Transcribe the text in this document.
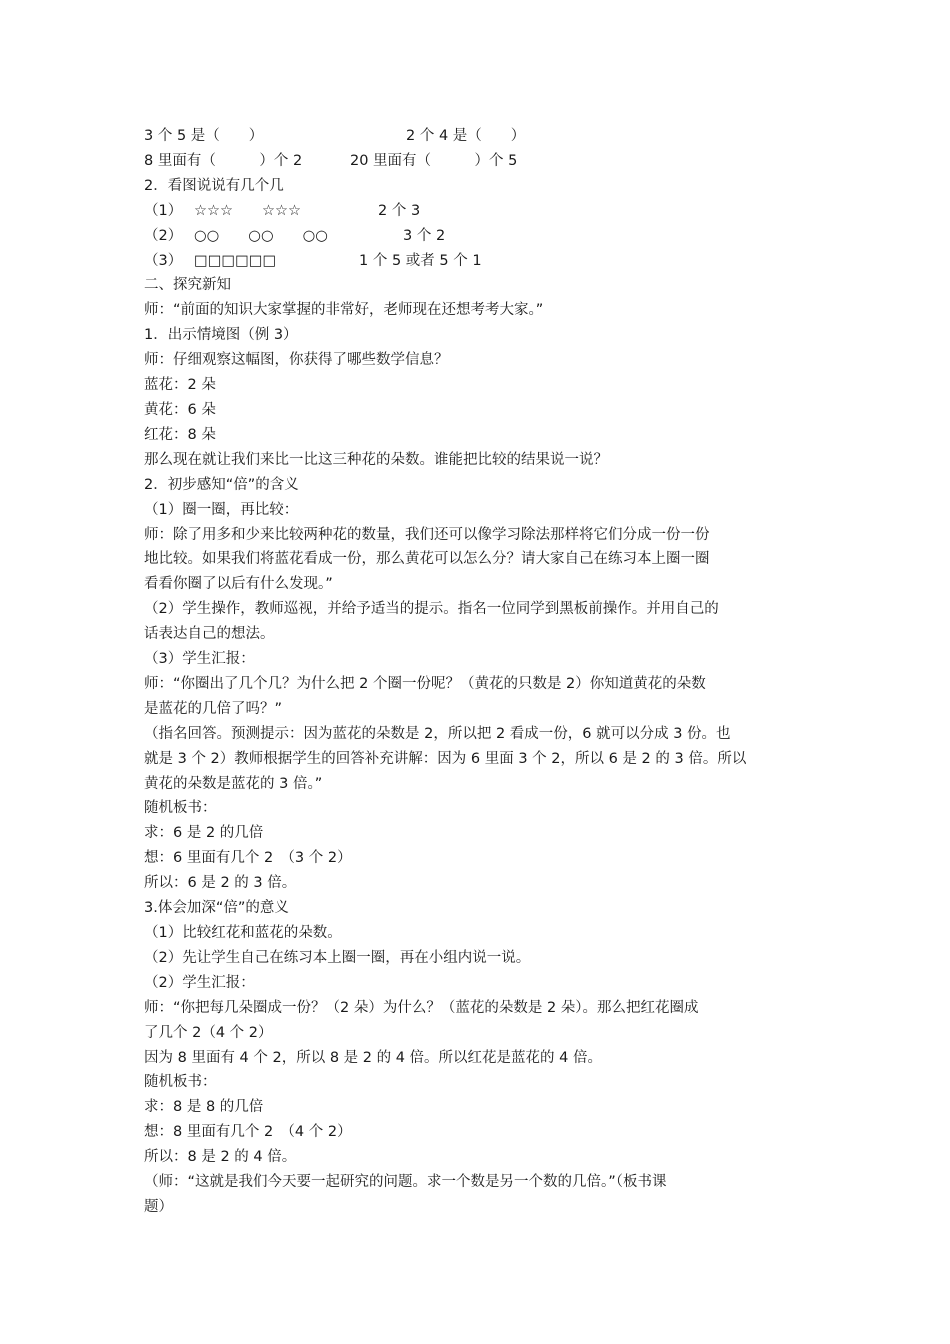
3 个 5 是（　　）	2 个 4 是（　　）
8 里面有（　　　）个 2	20 里面有（　　　）个 5
2．看图说说有几个几
（1） ☆☆☆　　☆☆☆	2 个 3
（2） ○○　　○○　　○○	3 个 2
（3） □□□□□□	1 个 5 或者 5 个 1
二、探究新知
师：“前面的知识大家掌握的非常好，老师现在还想考考大家。”
1．出示情境图（例 3）
师：仔细观察这幅图，你获得了哪些数学信息？
蓝花：2 朵
黄花：6 朵
红花：8 朵
那么现在就让我们来比一比这三种花的朵数。谁能把比较的结果说一说？
2．初步感知“倍”的含义
（1）圈一圈，再比较：
师：除了用多和少来比较两种花的数量，我们还可以像学习除法那样将它们分成一份一份
地比较。如果我们将蓝花看成一份，那么黄花可以怎么分？请大家自己在练习本上圈一圈
看看你圈了以后有什么发现。”
（2）学生操作，教师巡视，并给予适当的提示。指名一位同学到黑板前操作。并用自己的
话表达自己的想法。
（3）学生汇报：
师：“你圈出了几个几？为什么把 2 个圈一份呢？（黄花的只数是 2）你知道黄花的朵数
是蓝花的几倍了吗？”
（指名回答。预测提示：因为蓝花的朵数是 2，所以把 2 看成一份，6 就可以分成 3 份。也
就是 3 个 2）教师根据学生的回答补充讲解：因为 6 里面 3 个 2，所以 6 是 2 的 3 倍。所以
黄花的朵数是蓝花的 3 倍。”
随机板书：
求：6 是 2 的几倍
想：6 里面有几个 2　（3 个 2）
所以：6 是 2 的 3 倍。
3.体会加深“倍”的意义
（1）比较红花和蓝花的朵数。
（2）先让学生自己在练习本上圈一圈，再在小组内说一说。
（2）学生汇报：
师：“你把每几朵圈成一份？（2 朵）为什么？（蓝花的朵数是 2 朵）。那么把红花圈成
了几个 2（4 个 2）
因为 8 里面有 4 个 2，所以 8 是 2 的 4 倍。所以红花是蓝花的 4 倍。
随机板书：
求：8 是 8 的几倍
想：8 里面有几个 2　（4 个 2）
所以：8 是 2 的 4 倍。
（师：“这就是我们今天要一起研究的问题。求一个数是另一个数的几倍。”（板书课
题）
